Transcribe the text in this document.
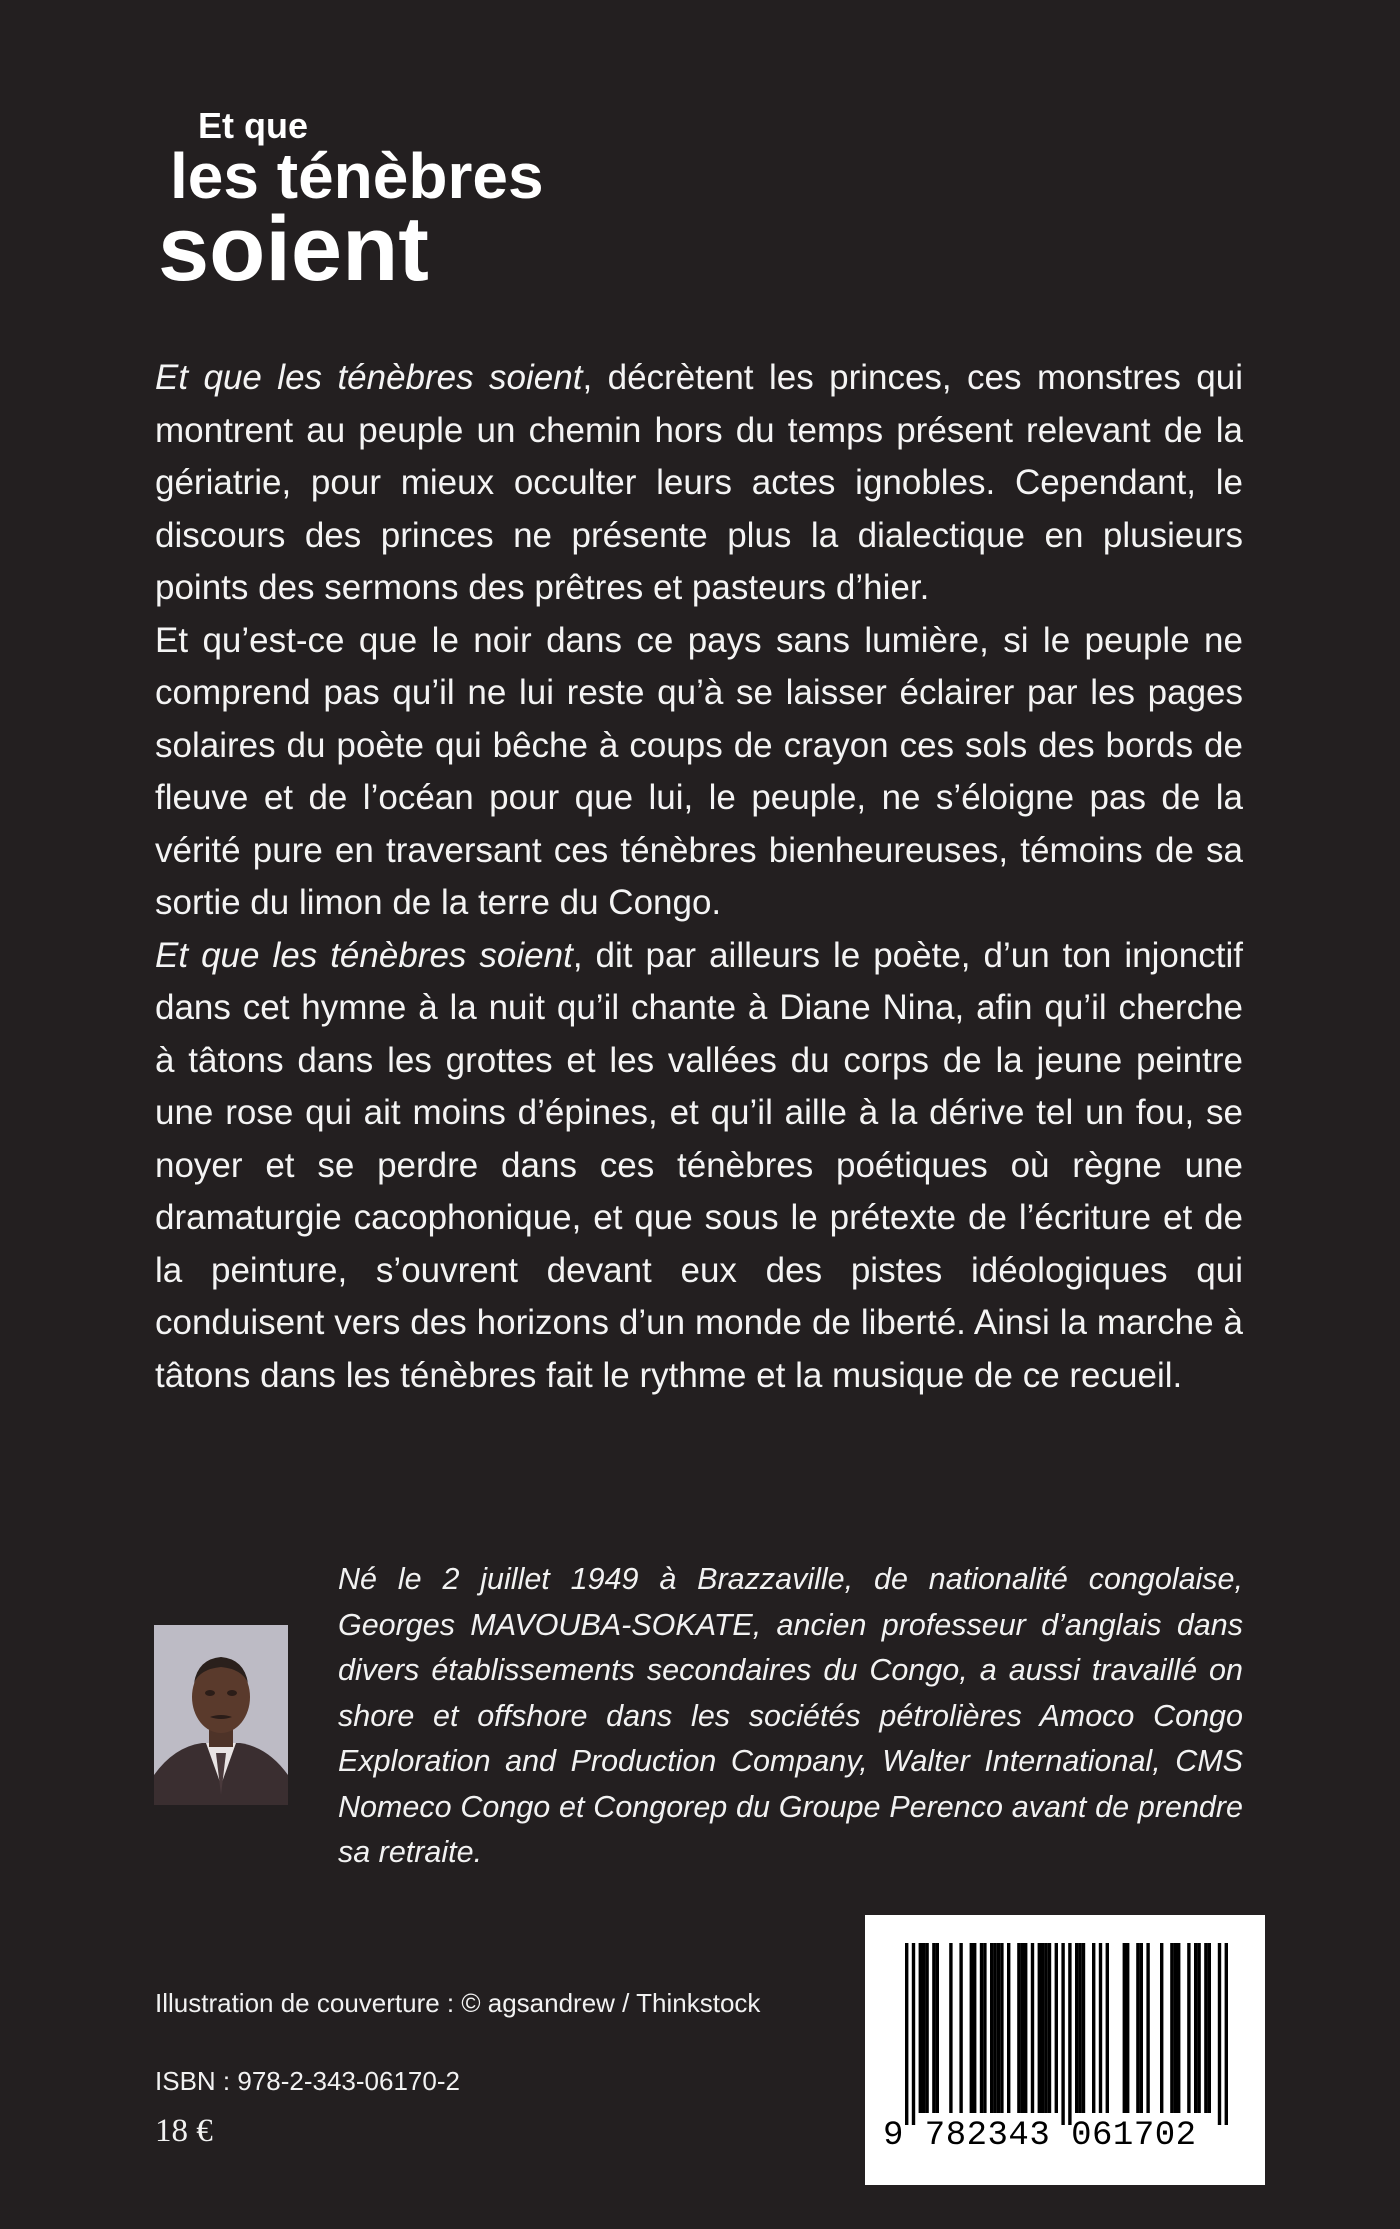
Et que
les ténèbres
soient

Et que les ténèbres soient, décrètent les princes, ces monstres qui montrent au peuple un chemin hors du temps présent relevant de la gériatrie, pour mieux occulter leurs actes ignobles. Cependant, le discours des princes ne présente plus la dialectique en plusieurs points des sermons des prêtres et pasteurs d’hier.

Et qu’est-ce que le noir dans ce pays sans lumière, si le peuple ne comprend pas qu’il ne lui reste qu’à se laisser éclairer par les pages solaires du poète qui bêche à coups de crayon ces sols des bords de fleuve et de l’océan pour que lui, le peuple, ne s’éloigne pas de la vérité pure en traversant ces ténèbres bienheureuses, témoins de sa sortie du limon de la terre du Congo.

Et que les ténèbres soient, dit par ailleurs le poète, d’un ton injonctif dans cet hymne à la nuit qu’il chante à Diane Nina, afin qu’il cherche à tâtons dans les grottes et les vallées du corps de la jeune peintre une rose qui ait moins d’épines, et qu’il aille à la dérive tel un fou, se noyer et se perdre dans ces ténèbres poétiques où règne une dramaturgie cacophonique, et que sous le prétexte de l’écriture et de la peinture, s’ouvrent devant eux des pistes idéologiques qui conduisent vers des horizons d’un monde de liberté. Ainsi la marche à tâtons dans les ténèbres fait le rythme et la musique de ce recueil.

Né le 2 juillet 1949 à Brazzaville, de nationalité congolaise, Georges MAVOUBA-SOKATE, ancien professeur d’anglais dans divers établissements secondaires du Congo, a aussi travaillé on shore et offshore dans les sociétés pétrolières Amoco Congo Exploration and Production Company, Walter International, CMS Nomeco Congo et Congorep du Groupe Perenco avant de prendre sa retraite.
Illustration de couverture : © agsandrew / Thinkstock
ISBN : 978-2-343-06170-2
18 €	9 782343 061702
